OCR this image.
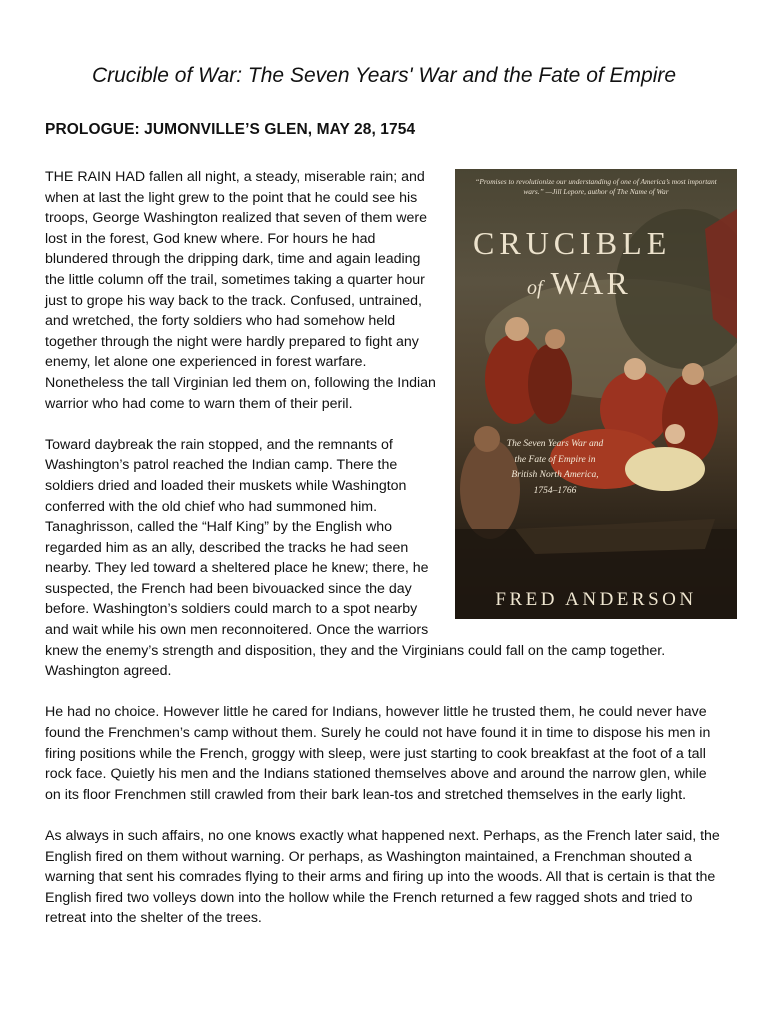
Crucible of War: The Seven Years' War and the Fate of Empire
PROLOGUE: JUMONVILLE’S GLEN, MAY 28, 1754
“Promises to revolutionize our understanding of one of America’s most important wars.” —Jill Lepore, author of The Name of War
CRUCIBLE
of WAR
The Seven Years War and the Fate of Empire in British North America, 1754–1766
FRED ANDERSON

THE RAIN HAD fallen all night, a steady, miserable rain; and when at last the light grew to the point that he could see his troops, George Washington realized that seven of them were lost in the forest, God knew where. For hours he had blundered through the dripping dark, time and again leading the little column off the trail, sometimes taking a quarter hour just to grope his way back to the track. Confused, untrained, and wretched, the forty soldiers who had somehow held together through the night were hardly prepared to fight any enemy, let alone one experienced in forest warfare. Nonetheless the tall Virginian led them on, following the Indian warrior who had come to warn them of their peril.

Toward daybreak the rain stopped, and the remnants of Washington’s patrol reached the Indian camp. There the soldiers dried and loaded their muskets while Washington conferred with the old chief who had summoned him. Tanaghrisson, called the “Half King” by the English who regarded him as an ally, described the tracks he had seen nearby. They led toward a sheltered place he knew; there, he suspected, the French had been bivouacked since the day before. Washington’s soldiers could march to a spot nearby and wait while his own men reconnoitered. Once the warriors knew the enemy’s strength and disposition, they and the Virginians could fall on the camp together. Washington agreed.

He had no choice. However little he cared for Indians, however little he trusted them, he could never have found the Frenchmen’s camp without them. Surely he could not have found it in time to dispose his men in firing positions while the French, groggy with sleep, were just starting to cook breakfast at the foot of a tall rock face. Quietly his men and the Indians stationed themselves above and around the narrow glen, while on its floor Frenchmen still crawled from their bark lean-tos and stretched themselves in the early light.

As always in such affairs, no one knows exactly what happened next. Perhaps, as the French later said, the English fired on them without warning. Or perhaps, as Washington maintained, a Frenchman shouted a warning that sent his comrades flying to their arms and firing up into the woods. All that is certain is that the English fired two volleys down into the hollow while the French returned a few ragged shots and tried to retreat into the shelter of the trees.
